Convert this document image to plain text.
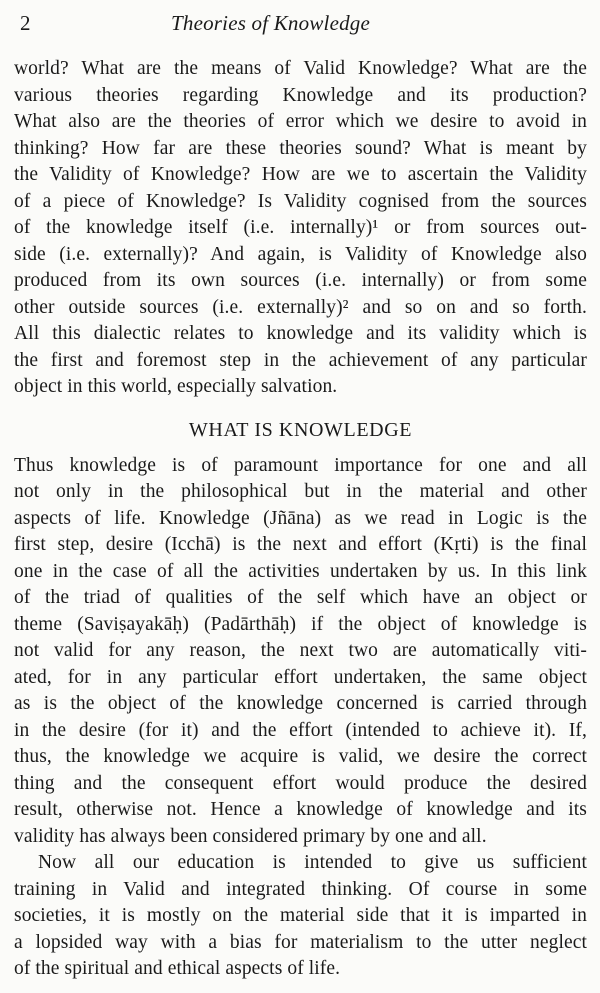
2	Theories of Knowledge
world? What are the means of Valid Knowledge? What are the
various theories regarding Knowledge and its production?
What also are the theories of error which we desire to avoid in
thinking? How far are these theories sound? What is meant by
the Validity of Knowledge? How are we to ascertain the Validity
of a piece of Knowledge? Is Validity cognised from the sources
of the knowledge itself (i.e. internally)¹ or from sources out-
side (i.e. externally)? And again, is Validity of Knowledge also
produced from its own sources (i.e. internally) or from some
other outside sources (i.e. externally)² and so on and so forth.
All this dialectic relates to knowledge and its validity which is
the first and foremost step in the achievement of any particular
object in this world, especially salvation.
WHAT IS KNOWLEDGE
Thus knowledge is of paramount importance for one and all
not only in the philosophical but in the material and other
aspects of life. Knowledge (Jñāna) as we read in Logic is the
first step, desire (Icchā) is the next and effort (Kṛti) is the final
one in the case of all the activities undertaken by us. In this link
of the triad of qualities of the self which have an object or
theme (Saviṣayakāḥ) (Padārthāḥ) if the object of knowledge is
not valid for any reason, the next two are automatically viti-
ated, for in any particular effort undertaken, the same object
as is the object of the knowledge concerned is carried through
in the desire (for it) and the effort (intended to achieve it). If,
thus, the knowledge we acquire is valid, we desire the correct
thing and the consequent effort would produce the desired
result, otherwise not. Hence a knowledge of knowledge and its
validity has always been considered primary by one and all.
Now all our education is intended to give us sufficient
training in Valid and integrated thinking. Of course in some
societies, it is mostly on the material side that it is imparted in
a lopsided way with a bias for materialism to the utter neglect
of the spiritual and ethical aspects of life.
